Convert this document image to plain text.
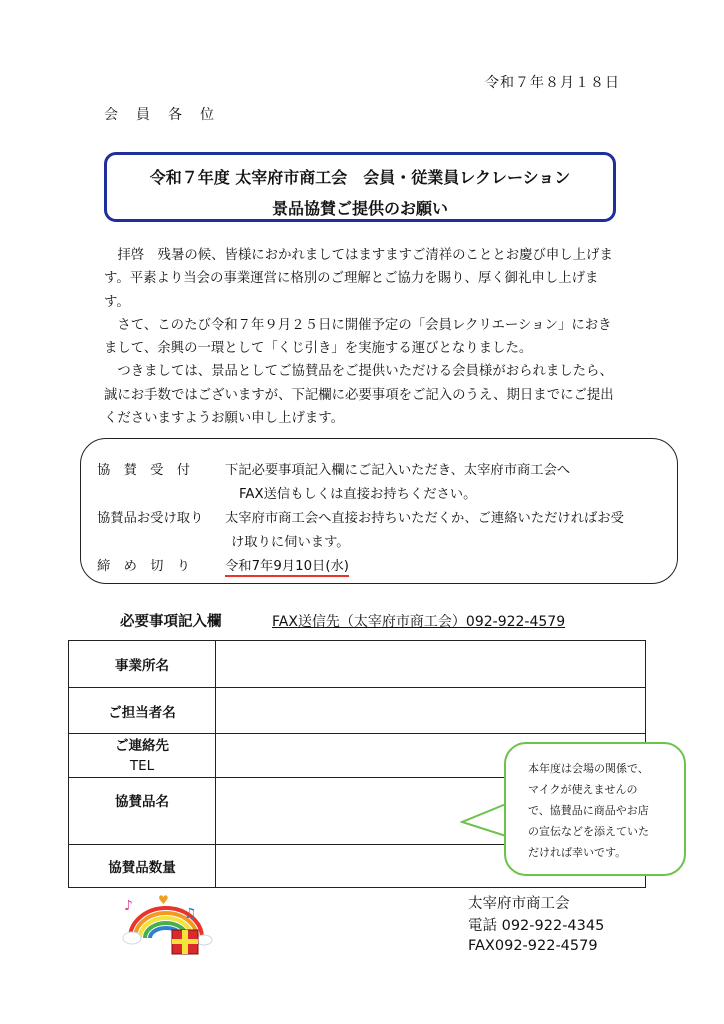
令和７年８月１８日
会員各位
令和７年度 太宰府市商工会　会員・従業員レクレーション
景品協賛ご提供のお願い

　拝啓　残暑の候、皆様におかれましてはますますご清祥のこととお慶び申し上げます。平素より当会の事業運営に格別のご理解とご協力を賜り、厚く御礼申し上げます。

　さて、このたび令和７年９月２５日に開催予定の「会員レクリエーション」におきまして、余興の一環として「くじ引き」を実施する運びとなりました。

　つきましては、景品としてご協賛品をご提供いただける会員様がおられましたら、誠にお手数ではございますが、下記欄に必要事項をご記入のうえ、期日までにご提出くださいますようお願い申し上げます。

協　賛　受　付	下記必要事項記入欄にご記入いただき、太宰府市商工会へ
FAX送信もしくは直接お持ちください。
協賛品お受け取り 太宰府市商工会へ直接お持ちいただくか、ご連絡いただければお受
け取りに伺います。
締　め　切　り	令和7年9月10日(水)
必要事項記入欄	FAX送信先（太宰府市商工会）092-922-4579
事業所名	
ご担当者名	

ご連絡先
TEL	

協賛品名	
協賛品数量	
本年度は会場の関係で、
マイクが使えませんの
で、協賛品に商品やお店
の宣伝などを添えていた
だければ幸いです。
♪	♫
♥	太宰府市商工会
電話 092-922-4345
FAX092-922-4579
